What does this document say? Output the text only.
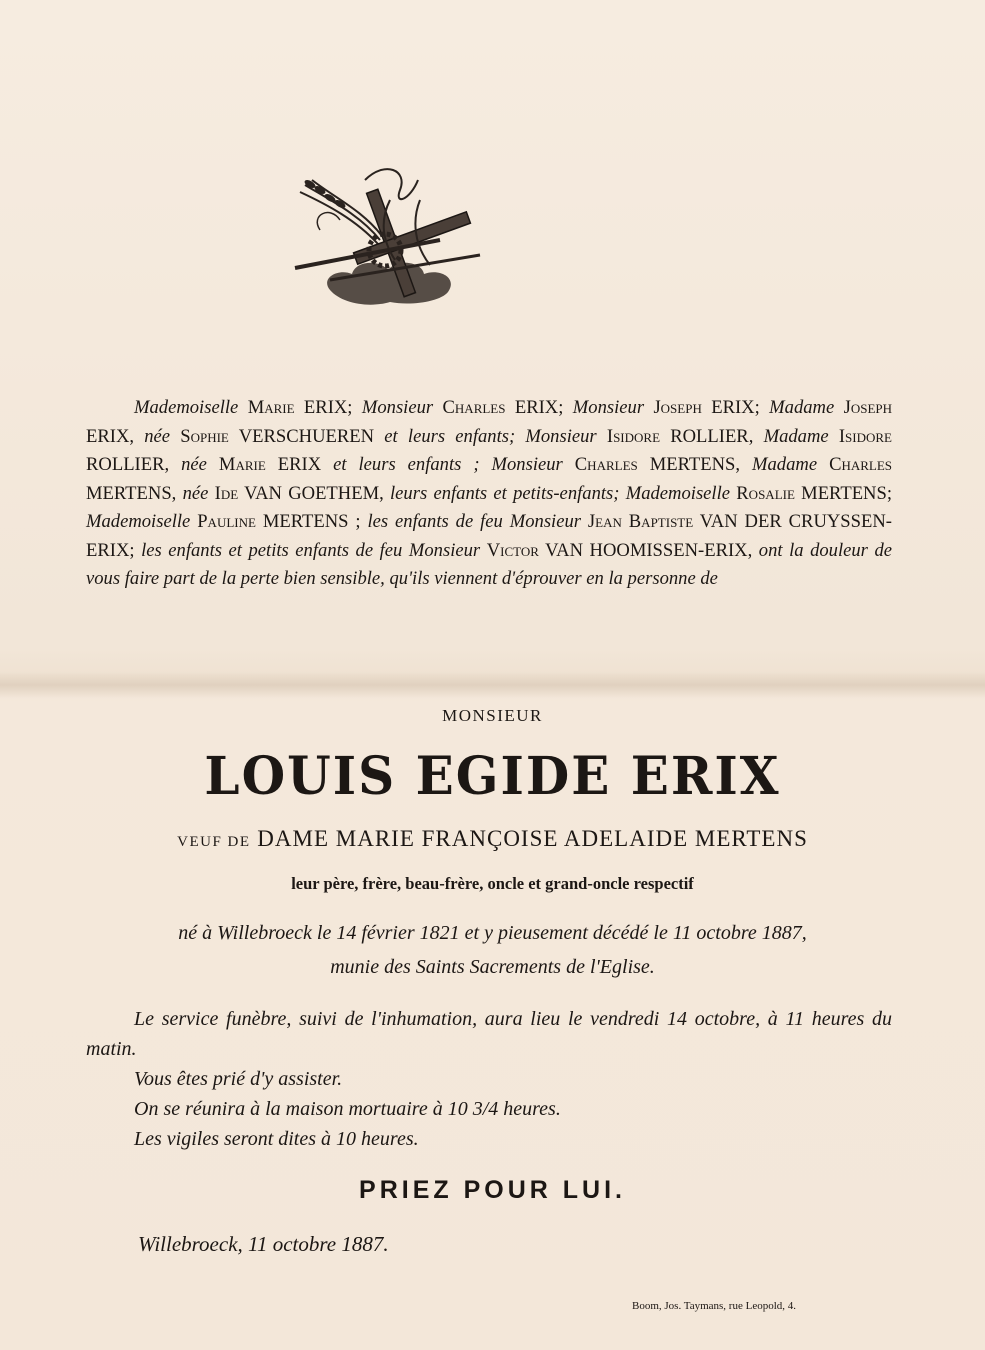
Mademoiselle Marie ERIX; Monsieur Charles ERIX; Monsieur Joseph ERIX; Madame Joseph ERIX, née Sophie VERSCHUEREN et leurs enfants; Monsieur Isidore ROLLIER, Madame Isidore ROLLIER, née Marie ERIX et leurs enfants ; Monsieur Charles MERTENS, Madame Charles MERTENS, née Ide VAN GOETHEM, leurs enfants et petits-enfants; Mademoiselle Rosalie MERTENS; Mademoiselle Pauline MERTENS ; les enfants de feu Monsieur Jean Baptiste VAN DER CRUYSSEN-ERIX; les enfants et petits enfants de feu Monsieur Victor VAN HOOMISSEN-ERIX, ont la douleur de vous faire part de la perte bien sensible, qu'ils viennent d'éprouver en la personne de

MONSIEUR
LOUIS EGIDE ERIX
VEUF DE DAME MARIE FRANÇOISE ADELAIDE MERTENS
leur père, frère, beau-frère, oncle et grand-oncle respectif
né à Willebroeck le 14 février 1821 et y pieusement décédé le 11 octobre 1887,
munie des Saints Sacrements de l'Eglise.

Le service funèbre, suivi de l'inhumation, aura lieu le vendredi 14 octobre, à 11 heures du matin.

Vous êtes prié d'y assister.

On se réunira à la maison mortuaire à 10 3/4 heures.

Les vigiles seront dites à 10 heures.

PRIEZ POUR LUI.
Willebroeck, 11 octobre 1887.
Boom, Jos. Taymans, rue Leopold, 4.
